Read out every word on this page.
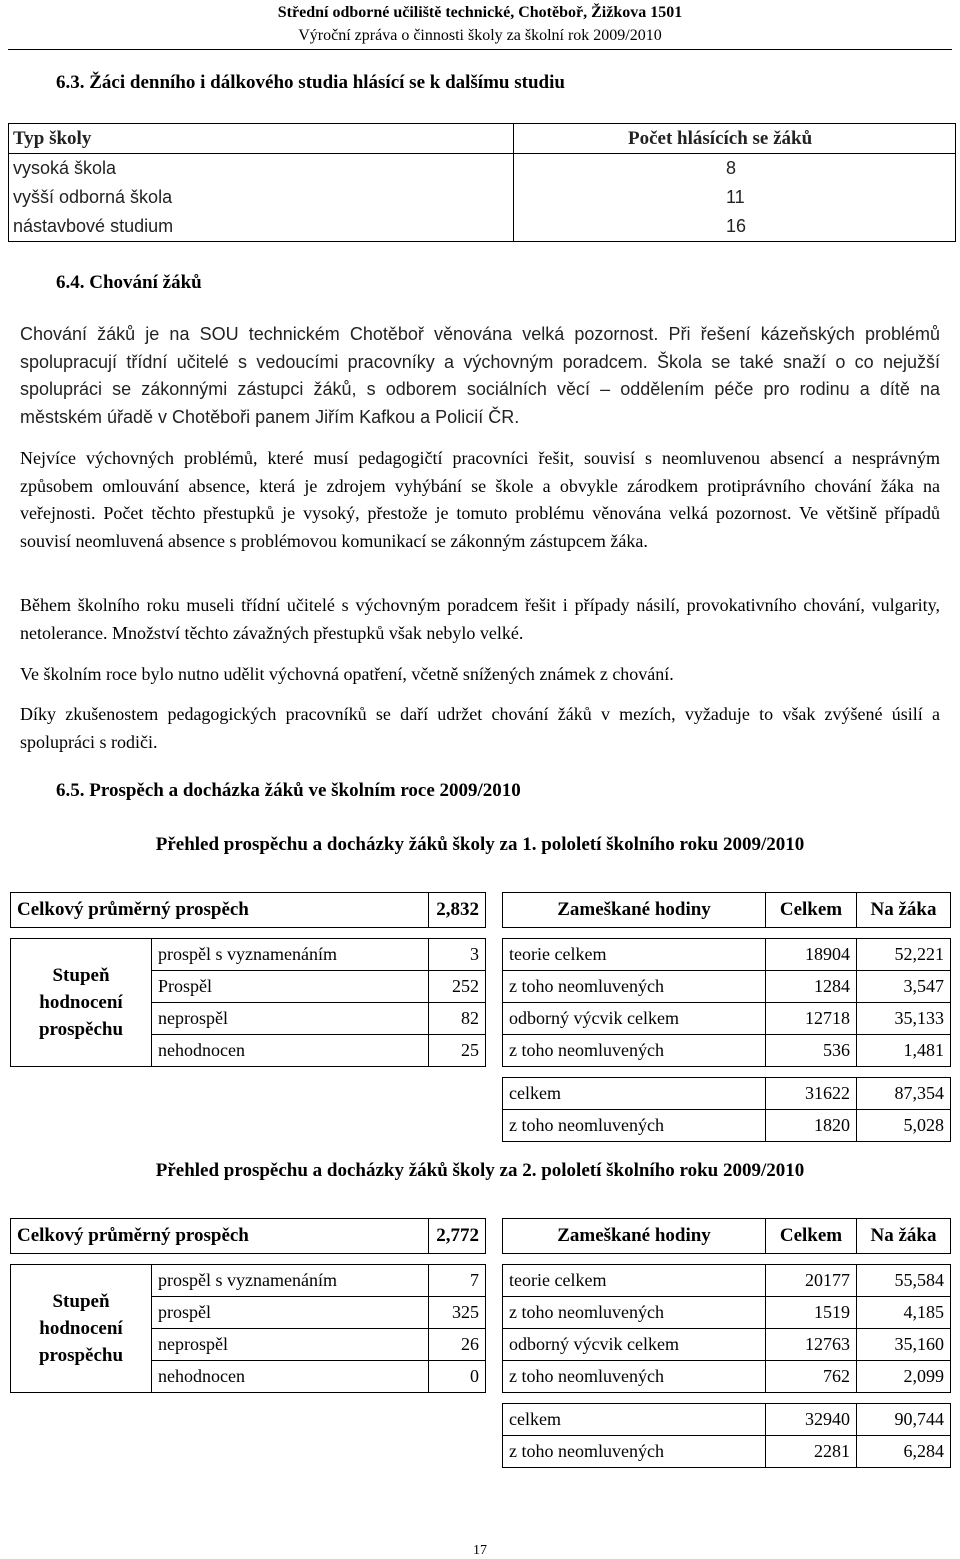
Střední odborné učiliště technické, Chotěboř, Žižkova 1501
Výroční zpráva o činnosti školy za školní rok 2009/2010
6.3. Žáci denního i dálkového studia hlásící se k dalšímu studiu
Typ školy	Počet hlásících se žáků
vysoká škola	8
vyšší odborná škola	11
nástavbové studium	16
6.4. Chování žáků
Chování žáků je na SOU technickém Chotěboř věnována velká pozornost. Při řešení kázeňských problémů spolupracují třídní učitelé s vedoucími pracovníky a výchovným poradcem. Škola se také snaží o co nejužší spolupráci se zákonnými zástupci žáků, s odborem sociálních věcí – oddělením péče pro rodinu a dítě na městském úřadě v Chotěboři panem Jiřím Kafkou a Policií ČR.
Nejvíce výchovných problémů, které musí pedagogičtí pracovníci řešit, souvisí s neomluvenou absencí a nesprávným způsobem omlouvání absence, která je zdrojem vyhýbání se škole a obvykle zárodkem protiprávního chování žáka na veřejnosti. Počet těchto přestupků je vysoký, přestože je tomuto problému věnována velká pozornost. Ve většině případů souvisí neomluvená absence s problémovou komunikací se zákonným zástupcem žáka.
Během školního roku museli třídní učitelé s výchovným poradcem řešit i případy násilí, provokativního chování, vulgarity, netolerance. Množství těchto závažných přestupků však nebylo velké.
Ve školním roce bylo nutno udělit výchovná opatření, včetně snížených známek z chování.
Díky zkušenostem pedagogických pracovníků se daří udržet chování žáků v mezích, vyžaduje to však zvýšené úsilí a spolupráci s rodiči.
6.5. Prospěch a docházka žáků ve školním roce 2009/2010
Přehled prospěchu a docházky žáků školy za 1. pololetí školního roku 2009/2010
Celkový průměrný prospěch		2,832

Stupeň hodnocení prospěchu	prospěl s vyznamenáním	3
	Prospěl	252
	neprospěl	82
	nehodnocen	25
Zameškané hodiny	Celkem	Na žáka

teorie celkem	18904	52,221
z toho neomluvených	1284	3,547
odborný výcvik celkem	12718	35,133
z toho neomluvených	536	1,481

celkem	31622	87,354
z toho neomluvených	1820	5,028
Přehled prospěchu a docházky žáků školy za 2. pololetí školního roku 2009/2010
Celkový průměrný prospěch		2,772

Stupeň hodnocení prospěchu	prospěl s vyznamenáním	7
	prospěl	325
	neprospěl	26
	nehodnocen	0
Zameškané hodiny	Celkem	Na žáka

teorie celkem	20177	55,584
z toho neomluvených	1519	4,185
odborný výcvik celkem	12763	35,160
z toho neomluvených	762	2,099

celkem	32940	90,744
z toho neomluvených	2281	6,284
17
